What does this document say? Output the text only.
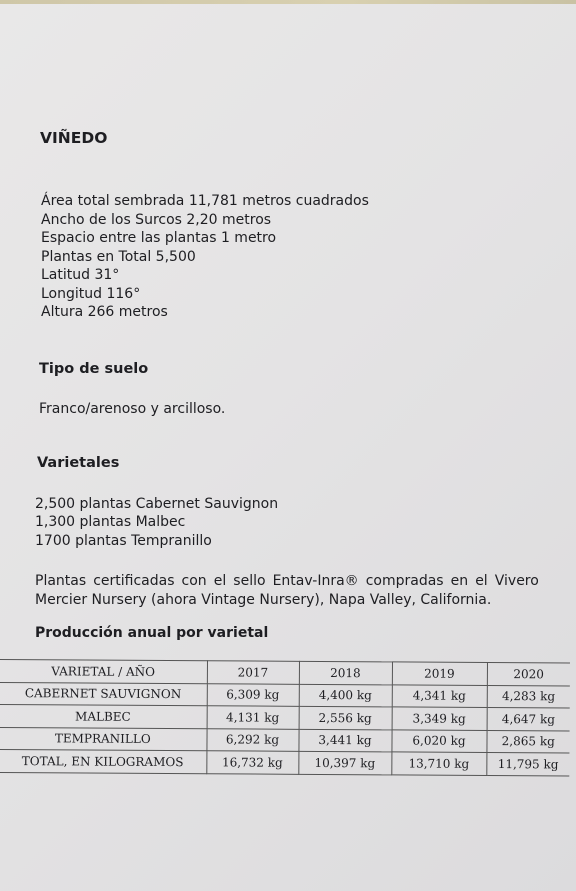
VIÑEDO
Área total sembrada 11,781 metros cuadrados
Ancho de los Surcos 2,20 metros
Espacio entre las plantas 1 metro
Plantas en Total 5,500
Latitud 31°
Longitud 116°
Altura 266 metros
Tipo de suelo
Franco/arenoso y arcilloso.
Varietales
2,500 plantas Cabernet Sauvignon
1,300 plantas Malbec
1700 plantas Tempranillo
Plantas certificadas con el sello Entav-Inra® compradas en el Vivero
Mercier Nursery (ahora Vintage Nursery), Napa Valley, California.
Producción anual por varietal
VARIETAL / AÑO	2017	2018	2019	2020
CABERNET SAUVIGNON	6,309 kg	4,400 kg	4,341 kg	4,283 kg
MALBEC	4,131 kg	2,556 kg	3,349 kg	4,647 kg
TEMPRANILLO	6,292 kg	3,441 kg	6,020 kg	2,865 kg
TOTAL, EN KILOGRAMOS	16,732 kg	10,397 kg	13,710 kg	11,795 kg
